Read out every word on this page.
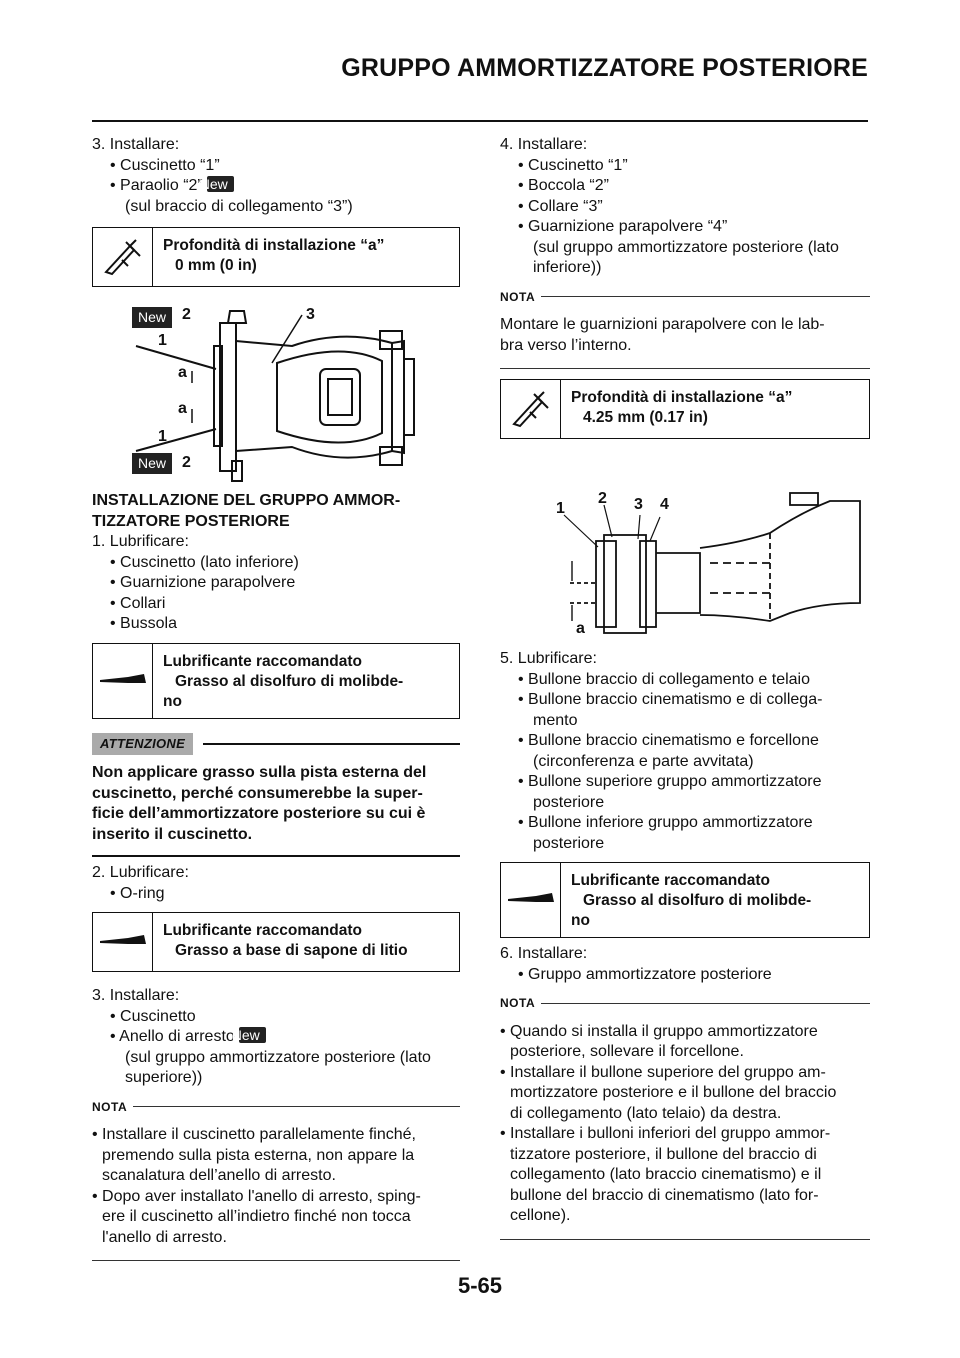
GRUPPO AMMORTIZZATORE POSTERIORE
3. Installare:
• Cuscinetto “1”
• Paraolio “2”New
(sul braccio di collegamento “3”)
Profondità di installazione “a”
0 mm (0 in)
New 2	3
1
a
a
1
New 2
INSTALLAZIONE DEL GRUPPO AMMOR-
TIZZATORE POSTERIORE
1. Lubrificare:
• Cuscinetto (lato inferiore)
• Guarnizione parapolvere
• Collari
• Bussola
Lubrificante raccomandato
Grasso al disolfuro di molibde-
no
ATTENZIONE
Non applicare grasso sulla pista esterna del
cuscinetto, perché consumerebbe la super-
ficie dell’ammortizzatore posteriore su cui è
inserito il cuscinetto.
2. Lubrificare:
• O-ring
Lubrificante raccomandato
Grasso a base di sapone di litio
3. Installare:
• Cuscinetto
• Anello di arrestoNew
(sul gruppo ammortizzatore posteriore (lato
superiore))
NOTA
• Installare il cuscinetto parallelamente finché,
premendo sulla pista esterna, non appare la
scanalatura dell’anello di arresto.
• Dopo aver installato l'anello di arresto, sping-
ere il cuscinetto all’indietro finché non tocca
l'anello di arresto.
4. Installare:
• Cuscinetto “1”
• Boccola “2”
• Collare “3”
• Guarnizione parapolvere “4”
(sul gruppo ammortizzatore posteriore (lato
inferiore))
NOTA
Montare le guarnizioni parapolvere con le lab-
bra verso l’interno.
Profondità di installazione “a”
4.25 mm (0.17 in)
1
2 3 4
a
5. Lubrificare:
• Bullone braccio di collegamento e telaio
• Bullone braccio cinematismo e di collega-
mento
• Bullone braccio cinematismo e forcellone
(circonferenza e parte avvitata)
• Bullone superiore gruppo ammortizzatore
posteriore
• Bullone inferiore gruppo ammortizzatore
posteriore
Lubrificante raccomandato
Grasso al disolfuro di molibde-
no
6. Installare:
• Gruppo ammortizzatore posteriore
NOTA
• Quando si installa il gruppo ammortizzatore
posteriore, sollevare il forcellone.
• Installare il bullone superiore del gruppo am-
mortizzatore posteriore e il bullone del braccio
di collegamento (lato telaio) da destra.
• Installare i bulloni inferiori del gruppo ammor-
tizzatore posteriore, il bullone del braccio di
collegamento (lato braccio cinematismo) e il
bullone del braccio di cinematismo (lato for-
cellone).
5-65
